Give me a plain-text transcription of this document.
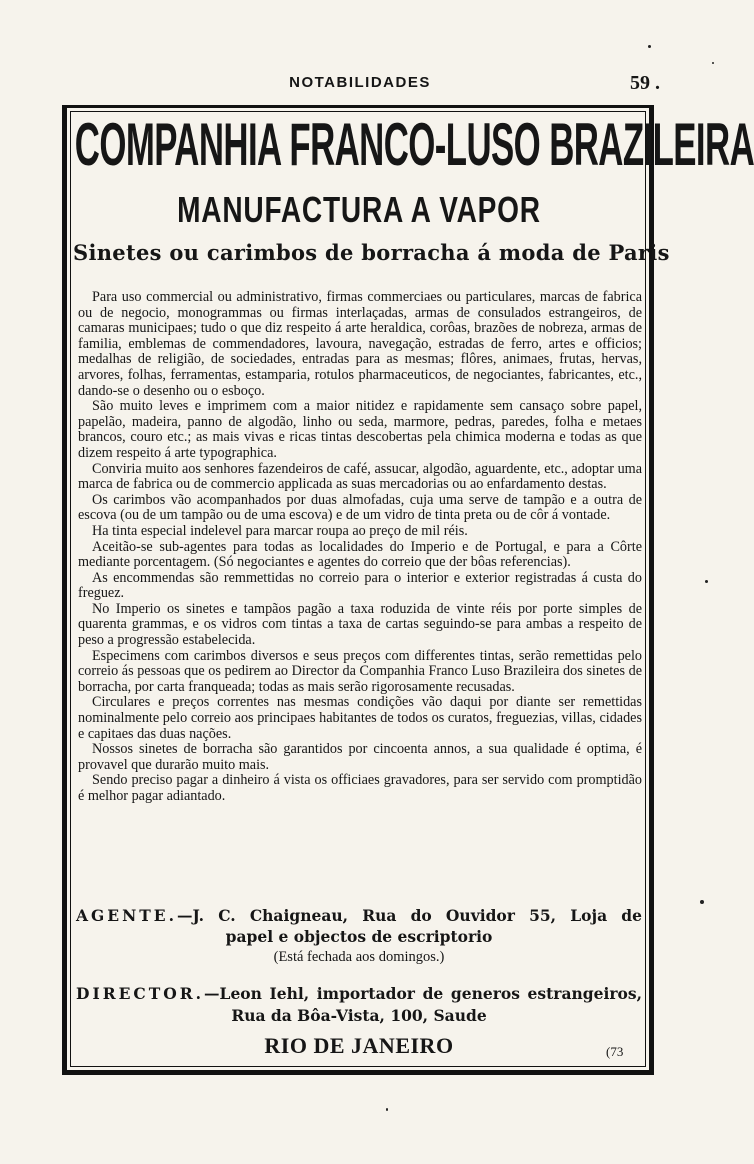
NOTABILIDADES	59 .
COMPANHIA FRANCO-LUSO BRAZILEIRA
MANUFACTURA A VAPOR
Sinetes ou carimbos de borracha á moda de Paris

Para uso commercial ou administrativo, firmas commerciaes ou particulares, marcas de fabrica ou de negocio, monogrammas ou firmas interlaçadas, armas de consulados estrangeiros, de camaras municipaes; tudo o que diz respeito á arte heraldica, corôas, brazões de nobreza, armas de familia, emblemas de commendadores, lavoura, navegação, estradas de ferro, artes e officios; medalhas de religião, de sociedades, entradas para as mesmas; flôres, animaes, frutas, hervas, arvores, folhas, ferramentas, estamparia, rotulos pharmaceuticos, de negociantes, fabricantes, etc., dando-se o desenho ou o esboço.

São muito leves e imprimem com a maior nitidez e rapidamente sem cansaço sobre papel, papelão, madeira, panno de algodão, linho ou seda, marmore, pedras, paredes, folha e metaes brancos, couro etc.; as mais vivas e ricas tintas descobertas pela chimica moderna e todas as que dizem respeito á arte typographica.

Conviria muito aos senhores fazendeiros de café, assucar, algodão, aguardente, etc., adoptar uma marca de fabrica ou de commercio applicada as suas mercadorias ou ao enfardamento destas.

Os carimbos vão acompanhados por duas almofadas, cuja uma serve de tampão e a outra de escova (ou de um tampão ou de uma escova) e de um vidro de tinta preta ou de côr á vontade.

Ha tinta especial indelevel para marcar roupa ao preço de mil réis.

Aceitão-se sub-agentes para todas as localidades do Imperio e de Portugal, e para a Côrte mediante porcentagem. (Só negociantes e agentes do correio que der bôas referencias).

As encommendas são remmettidas no correio para o interior e exterior registradas á custa do freguez.

No Imperio os sinetes e tampãos pagão a taxa roduzida de vinte réis por porte simples de quarenta grammas, e os vidros com tintas a taxa de cartas seguindo-se para ambas a respeito de peso a progressão estabelecida.

Especimens com carimbos diversos e seus preços com differentes tintas, serão remettidas pelo correio ás pessoas que os pedirem ao Director da Companhia Franco Luso Brazileira dos sinetes de borracha, por carta franqueada; todas as mais serão rigorosamente recusadas.

Circulares e preços correntes nas mesmas condições vão daqui por diante ser remettidas nominalmente pelo correio aos principaes habitantes de todos os curatos, freguezias, villas, cidades e capitaes das duas nações.

Nossos sinetes de borracha são garantidos por cincoenta annos, a sua qualidade é optima, é provavel que durarão muito mais.

Sendo preciso pagar a dinheiro á vista os officiaes gravadores, para ser servido com promptidão é melhor pagar adiantado.

AGENTE.—J. C. Chaigneau, Rua do Ouvidor 55, Loja de
papel e objectos de escriptorio
(Está fechada aos domingos.)
DIRECTOR.—Leon Iehl, importador de generos estrangeiros,
Rua da Bôa-Vista, 100, Saude
RIO DE JANEIRO	(73
